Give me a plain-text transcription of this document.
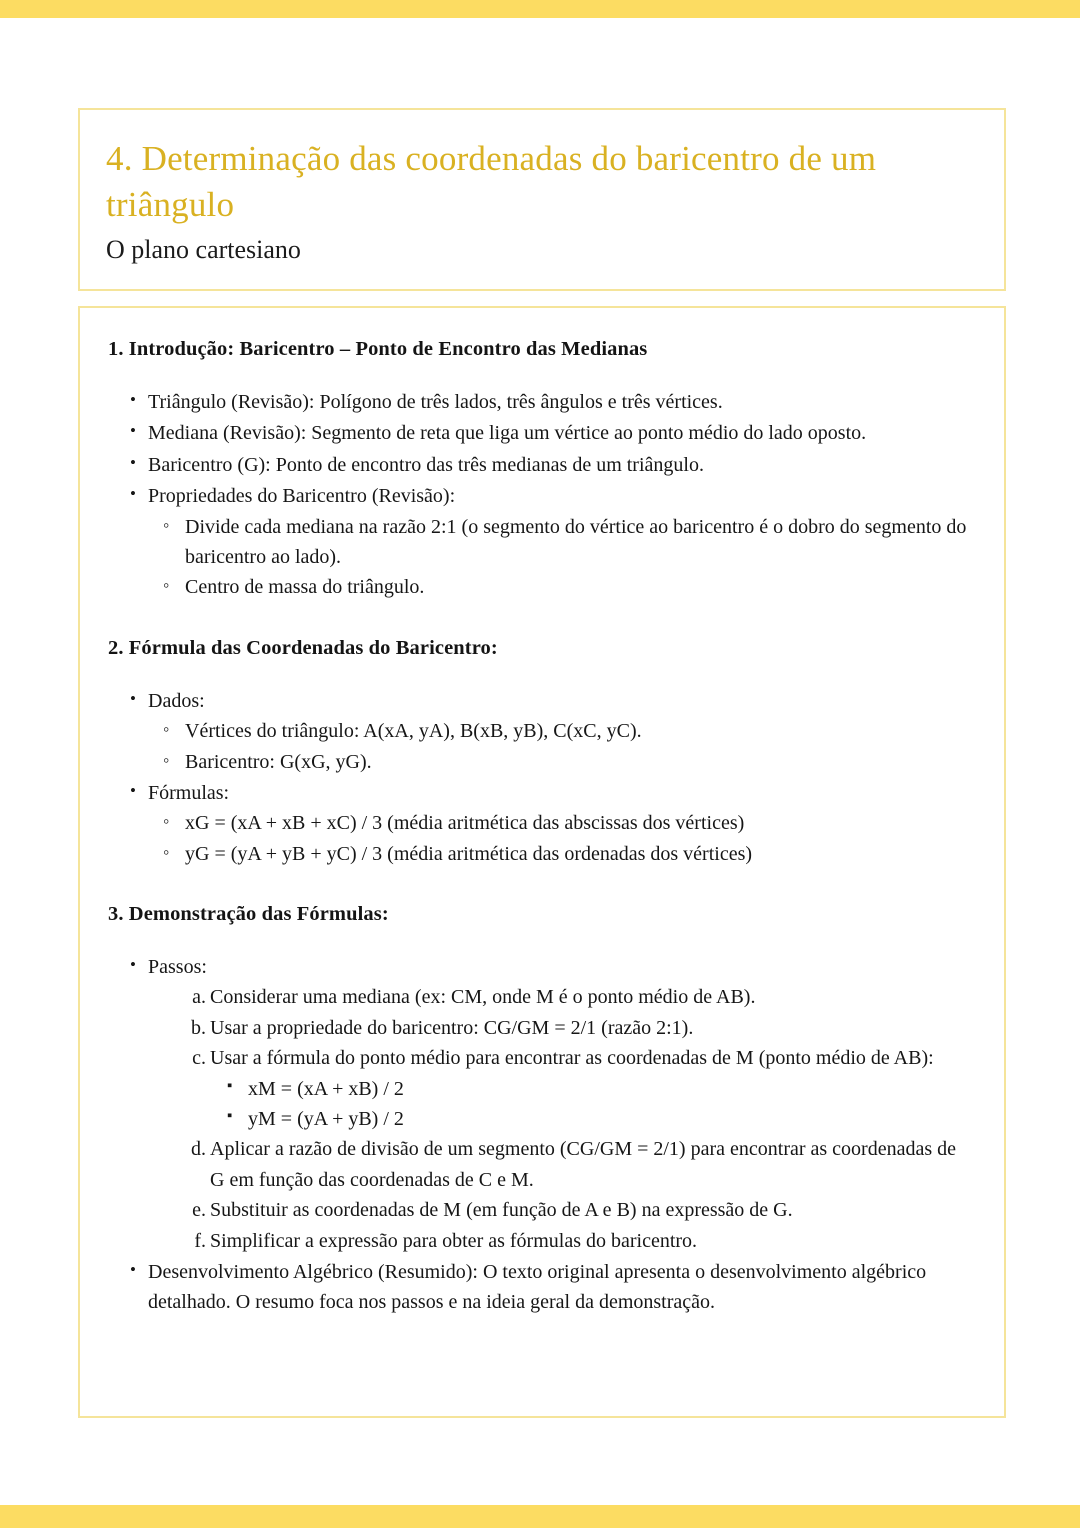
4. Determinação das coordenadas do baricentro de um triângulo

O plano cartesiano

1. Introdução: Baricentro – Ponto de Encontro das Medianas
• Triângulo (Revisão): Polígono de três lados, três ângulos e três vértices.
• Mediana (Revisão): Segmento de reta que liga um vértice ao ponto médio do lado oposto.
• Baricentro (G): Ponto de encontro das três medianas de um triângulo.
• Propriedades do Baricentro (Revisão):
◦ Divide cada mediana na razão 2:1 (o segmento do vértice ao baricentro é o dobro do segmento do baricentro ao lado).
◦ Centro de massa do triângulo.
2. Fórmula das Coordenadas do Baricentro:
• Dados:
◦ Vértices do triângulo: A(xA, yA), B(xB, yB), C(xC, yC).
◦ Baricentro: G(xG, yG).
• Fórmulas:
◦ xG = (xA + xB + xC) / 3 (média aritmética das abscissas dos vértices)
◦ yG = (yA + yB + yC) / 3 (média aritmética das ordenadas dos vértices)
3. Demonstração das Fórmulas:
• Passos:
a. Considerar uma mediana (ex: CM, onde M é o ponto médio de AB).
b. Usar a propriedade do baricentro: CG/GM = 2/1 (razão 2:1).
c. Usar a fórmula do ponto médio para encontrar as coordenadas de M (ponto médio de AB):
▪ xM = (xA + xB) / 2
▪ yM = (yA + yB) / 2
d. Aplicar a razão de divisão de um segmento (CG/GM = 2/1) para encontrar as coordenadas de G em função das coordenadas de C e M.
e. Substituir as coordenadas de M (em função de A e B) na expressão de G.
f. Simplificar a expressão para obter as fórmulas do baricentro.
• Desenvolvimento Algébrico (Resumido): O texto original apresenta o desenvolvimento algébrico detalhado. O resumo foca nos passos e na ideia geral da demonstração.
